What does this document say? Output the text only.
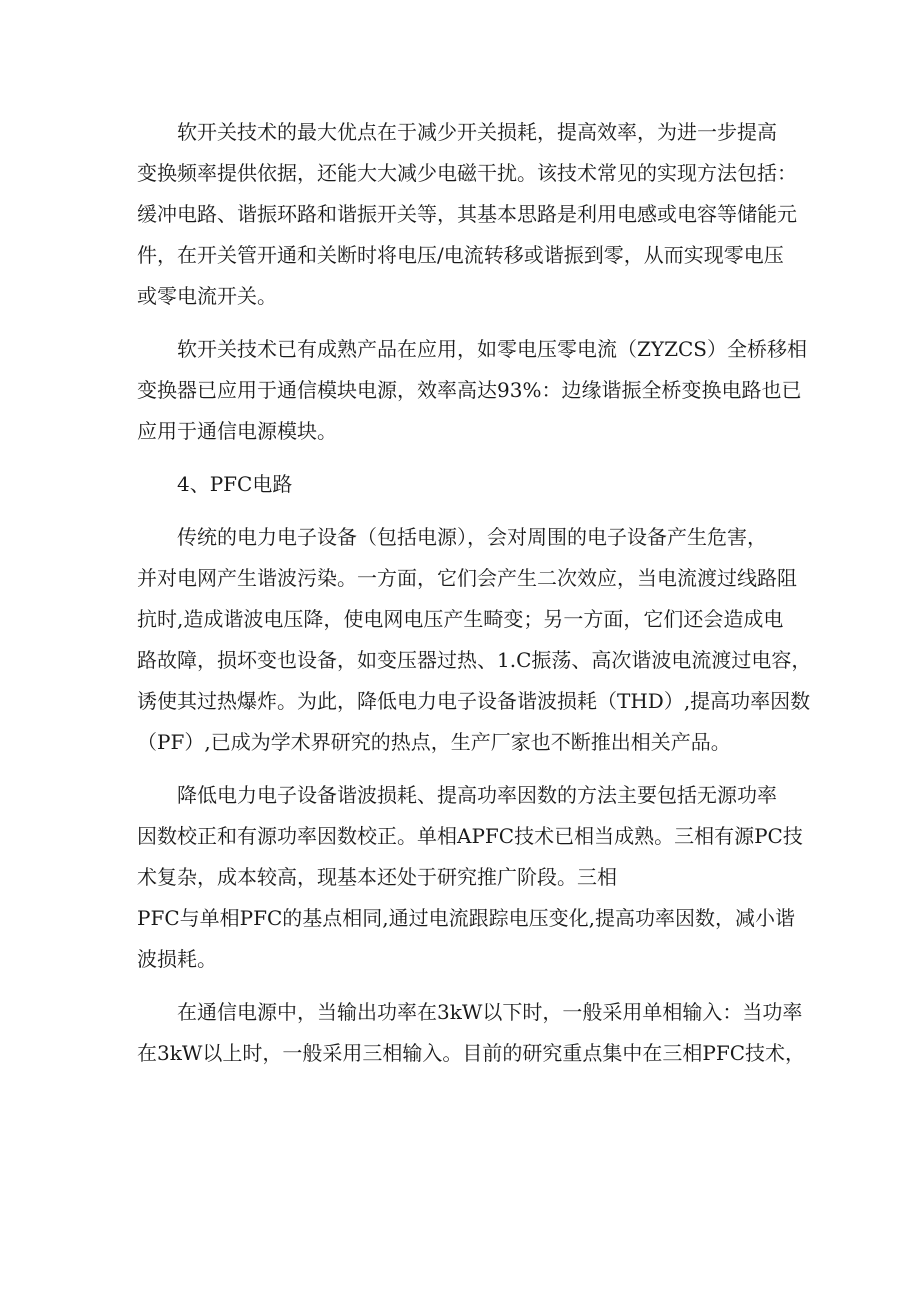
软开关技术的最大优点在于减少开关损耗，提高效率，为进一步提高
变换频率提供依据，还能大大减少电磁干扰。该技术常见的实现方法包括：
缓冲电路、谐振环路和谐振开关等，其基本思路是利用电感或电容等储能元
件，在开关管开通和关断时将电压/电流转移或谐振到零，从而实现零电压
或零电流开关。

软开关技术已有成熟产品在应用，如零电压零电流（ZYZCS）全桥移相
变换器已应用于通信模块电源，效率高达93%：边缘谐振全桥变换电路也已
应用于通信电源模块。

4、PFC电路

传统的电力电子设备（包括电源），会对周围的电子设备产生危害，
并对电网产生谐波污染。一方面，它们会产生二次效应，当电流渡过线路阻
抗时,造成谐波电压降，使电网电压产生畸变；另一方面，它们还会造成电
路故障，损坏变也设备，如变压器过热、1.C振荡、高次谐波电流渡过电容，
诱使其过热爆炸。为此，降低电力电子设备谐波损耗（THD）,提高功率因数
（PF）,已成为学术界研究的热点，生产厂家也不断推出相关产品。

降低电力电子设备谐波损耗、提高功率因数的方法主要包括无源功率
因数校正和有源功率因数校正。单相APFC技术已相当成熟。三相有源PC技
术复杂，成本较高，现基本还处于研究推广阶段。三相
PFC与单相PFC的基点相同,通过电流跟踪电压变化,提高功率因数，减小谐
波损耗。

在通信电源中，当输出功率在3kW以下时，一般采用单相输入：当功率
在3kW以上时，一般采用三相输入。目前的研究重点集中在三相PFC技术，
